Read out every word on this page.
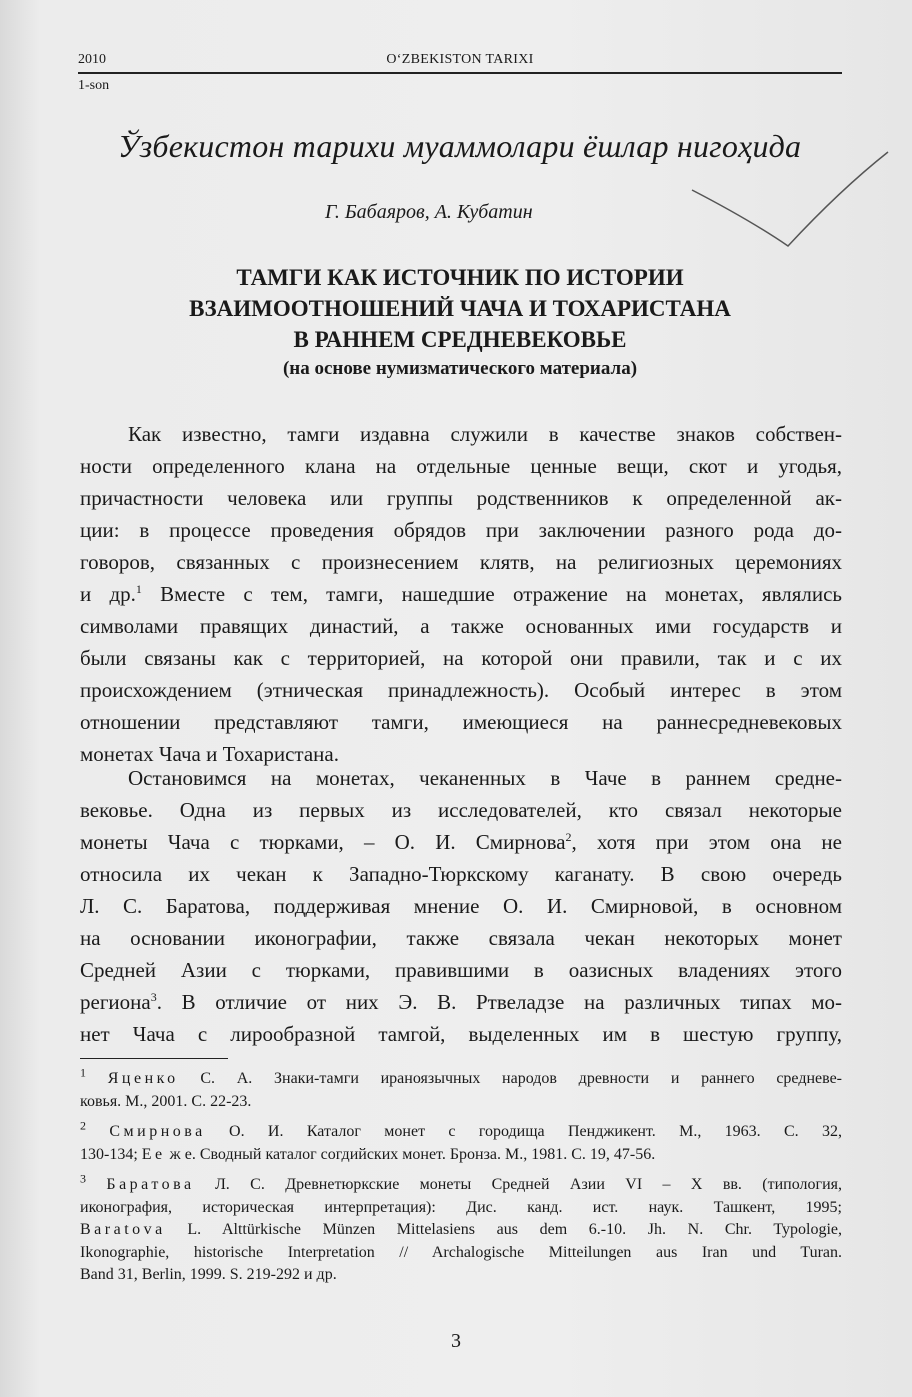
2010	O‘ZBEKISTON TARIXI
1-son
Ўзбекистон тарихи муаммолари ёшлар нигоҳида
Г. Бабаяров, А. Кубатин
ТАМГИ КАК ИСТОЧНИК ПО ИСТОРИИ
ВЗАИМООТНОШЕНИЙ ЧАЧА И ТОХАРИСТАНА
В РАННЕМ СРЕДНЕВЕКОВЬЕ
(на основе нумизматического материала)
Как известно, тамги издавна служили в качестве знаков собствен-
ности определенного клана на отдельные ценные вещи, скот и угодья,
причастности человека или группы родственников к определенной ак-
ции: в процессе проведения обрядов при заключении разного рода до-
говоров, связанных с произнесением клятв, на религиозных церемониях
и др.$^1$ Вместе с тем, тамги, нашедшие отражение на монетах, являлись
символами правящих династий, а также основанных ими государств и
были связаны как с территорией, на которой они правили, так и с их
происхождением (этническая принадлежность). Особый интерес в этом
отношении представляют тамги, имеющиеся на раннесредневековых
монетах Чача и Тохаристана.
Остановимся на монетах, чеканенных в Чаче в раннем средне-
вековье. Одна из первых из исследователей, кто связал некоторые
монеты Чача с тюрками, – О. И. Смирнова$^2$, хотя при этом она не
относила их чекан к Западно-Тюркскому каганату. В свою очередь
Л. С. Баратова, поддерживая мнение О. И. Смирновой, в основном
на основании иконографии, также связала чекан некоторых монет
Средней Азии с тюрками, правившими в оазисных владениях этого
региона$^3$. В отличие от них Э. В. Ртвеладзе на различных типах мо-
нет Чача с лирообразной тамгой, выделенных им в шестую группу,
$^1$ Яценко С. А. Знаки-тамги ираноязычных народов древности и раннего средневе-
ковья. М., 2001. С. 22-23.
$^2$ Смирнова О. И. Каталог монет с городища Пенджикент. М., 1963. С. 32,
130-134; Ее ж е. Сводный каталог согдийских монет. Бронза. М., 1981. С. 19, 47-56.
$^3$ Баратова Л. С. Древнетюркские монеты Средней Азии VI – X вв. (типология,
иконография, историческая интерпретация): Дис. канд. ист. наук. Ташкент, 1995;
Baratova L. Alttürkische Münzen Mittelasiens aus dem 6.-10. Jh. N. Chr. Typologie,
Ikonographie, historische Interpretation // Archalogische Mitteilungen aus Iran und Turan.
Band 31, Berlin, 1999. S. 219-292 и др.
3
